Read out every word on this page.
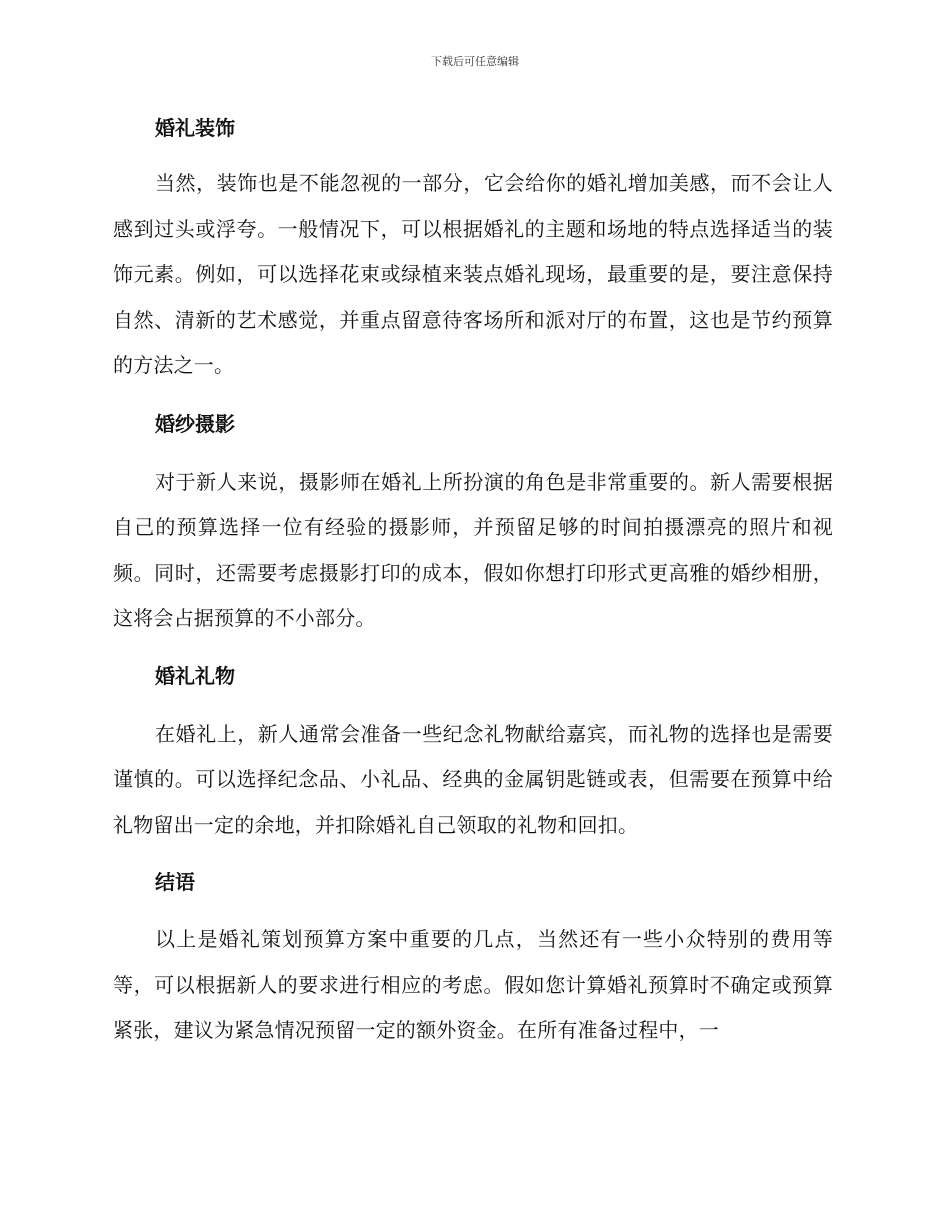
下载后可任意编辑
婚礼装饰

当然，装饰也是不能忽视的一部分，它会给你的婚礼增加美感，而不会让人感到过头或浮夸。一般情况下，可以根据婚礼的主题和场地的特点选择适当的装饰元素。例如，可以选择花束或绿植来装点婚礼现场，最重要的是，要注意保持自然、清新的艺术感觉，并重点留意待客场所和派对厅的布置，这也是节约预算的方法之一。

婚纱摄影

对于新人来说，摄影师在婚礼上所扮演的角色是非常重要的。新人需要根据自己的预算选择一位有经验的摄影师，并预留足够的时间拍摄漂亮的照片和视频。同时，还需要考虑摄影打印的成本，假如你想打印形式更高雅的婚纱相册，这将会占据预算的不小部分。

婚礼礼物

在婚礼上，新人通常会准备一些纪念礼物献给嘉宾，而礼物的选择也是需要谨慎的。可以选择纪念品、小礼品、经典的金属钥匙链或表，但需要在预算中给礼物留出一定的余地，并扣除婚礼自己领取的礼物和回扣。

结语

以上是婚礼策划预算方案中重要的几点，当然还有一些小众特别的费用等等，可以根据新人的要求进行相应的考虑。假如您计算婚礼预算时不确定或预算紧张，建议为紧急情况预留一定的额外资金。在所有准备过程中，一
